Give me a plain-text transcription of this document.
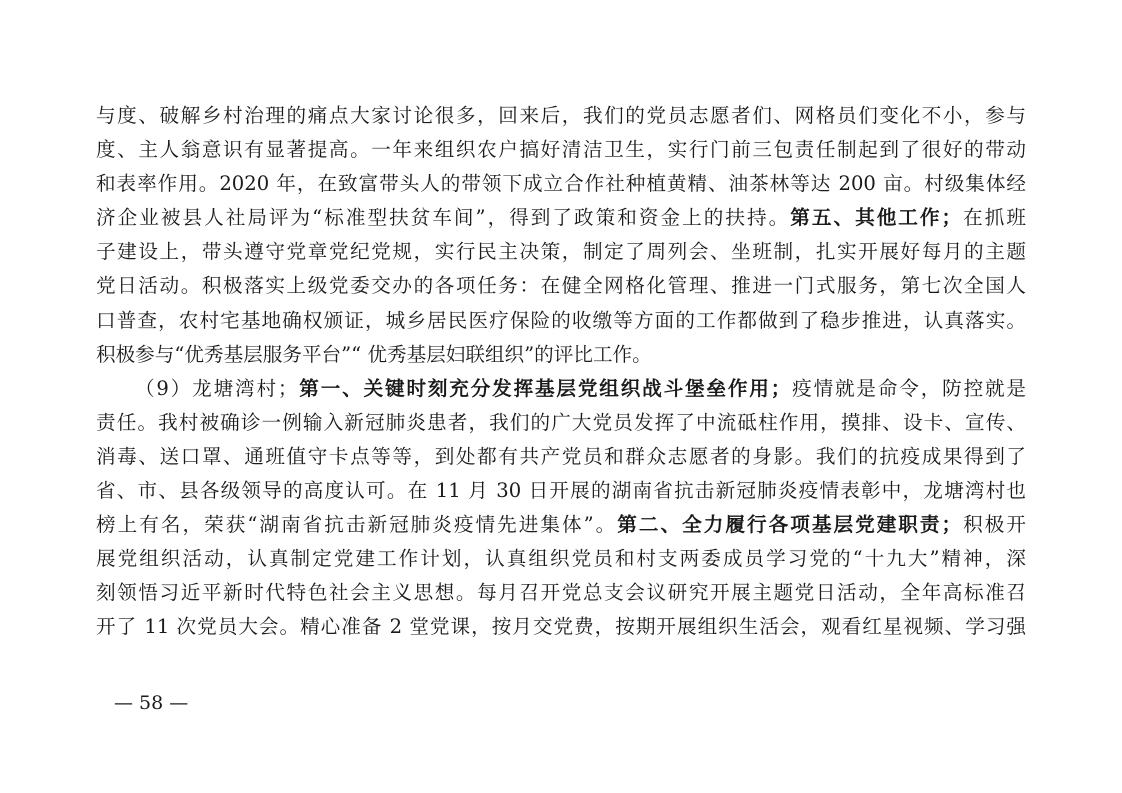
与度、破解乡村治理的痛点大家讨论很多，回来后，我们的党员志愿者们、网格员们变化不小，参与
度、主人翁意识有显著提高。一年来组织农户搞好清洁卫生，实行门前三包责任制起到了很好的带动
和表率作用。2020 年，在致富带头人的带领下成立合作社种植黄精、油茶林等达 200 亩。村级集体经
济企业被县人社局评为“标准型扶贫车间”，得到了政策和资金上的扶持。第五、其他工作；在抓班
子建设上，带头遵守党章党纪党规，实行民主决策，制定了周列会、坐班制，扎实开展好每月的主题
党日活动。积极落实上级党委交办的各项任务：在健全网格化管理、推进一门式服务，第七次全国人
口普查，农村宅基地确权颁证，城乡居民医疗保险的收缴等方面的工作都做到了稳步推进，认真落实。
积极参与“优秀基层服务平台”“ 优秀基层妇联组织”的评比工作。
（9）龙塘湾村；第一、关键时刻充分发挥基层党组织战斗堡垒作用；疫情就是命令，防控就是
责任。我村被确诊一例输入新冠肺炎患者，我们的广大党员发挥了中流砥柱作用，摸排、设卡、宣传、
消毒、送口罩、通班值守卡点等等，到处都有共产党员和群众志愿者的身影。我们的抗疫成果得到了
省、市、县各级领导的高度认可。在 11 月 30 日开展的湖南省抗击新冠肺炎疫情表彰中，龙塘湾村也
榜上有名，荣获“湖南省抗击新冠肺炎疫情先进集体”。第二、全力履行各项基层党建职责；积极开
展党组织活动，认真制定党建工作计划，认真组织党员和村支两委成员学习党的“十九大”精神，深
刻领悟习近平新时代特色社会主义思想。每月召开党总支会议研究开展主题党日活动，全年高标准召
开了 11 次党员大会。精心准备 2 堂党课，按月交党费，按期开展组织生活会，观看红星视频、学习强
— 58 —
